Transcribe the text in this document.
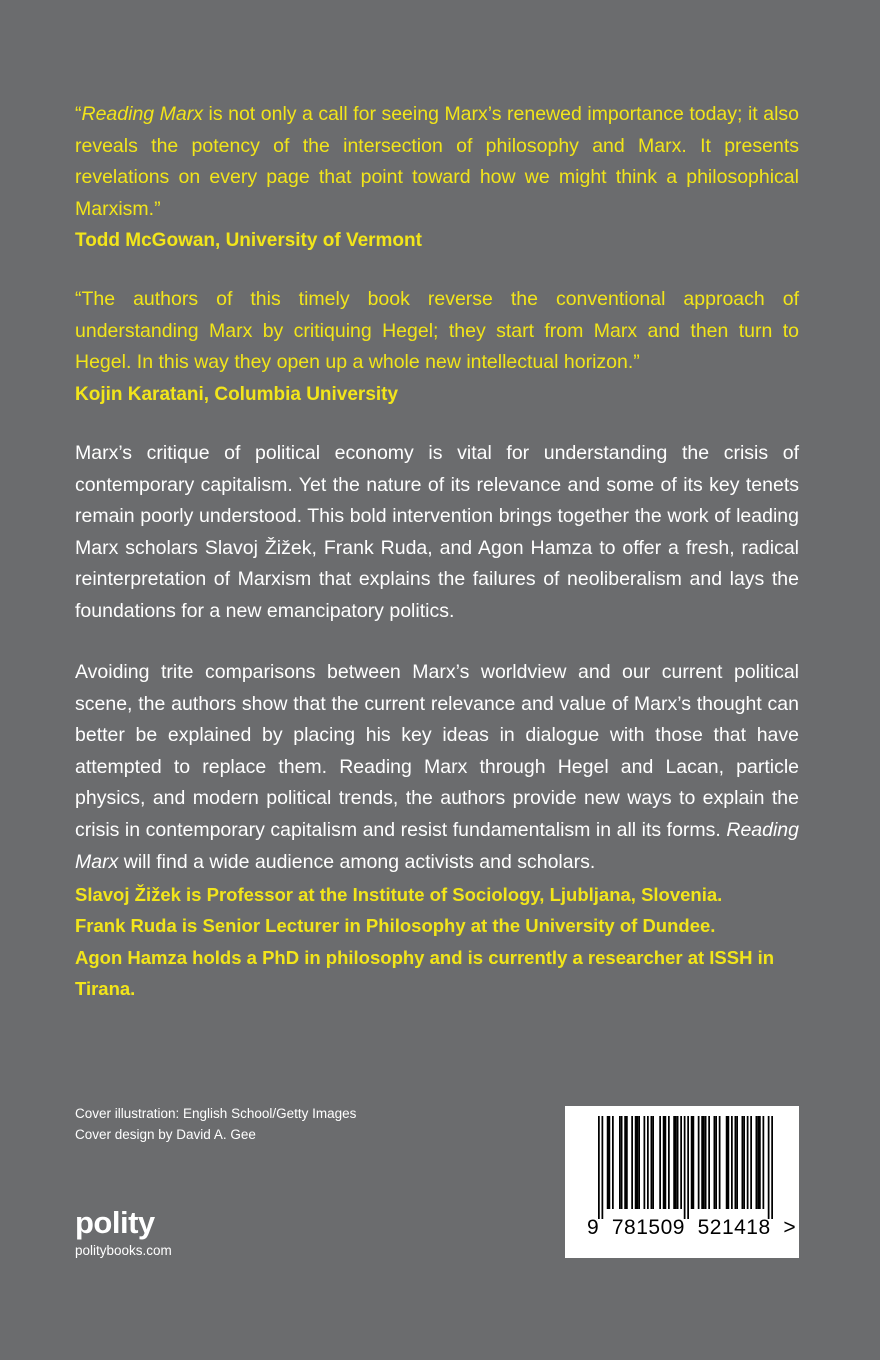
“Reading Marx is not only a call for seeing Marx’s renewed importance today; it also reveals the potency of the intersection of philosophy and Marx. It presents revelations on every page that point toward how we might think a philosophical Marxism.”

Todd McGowan, University of Vermont

“The authors of this timely book reverse the conventional approach of understanding Marx by critiquing Hegel; they start from Marx and then turn to Hegel. In this way they open up a whole new intellectual horizon.”

Kojin Karatani, Columbia University

Marx’s critique of political economy is vital for understanding the crisis of contemporary capitalism. Yet the nature of its relevance and some of its key tenets remain poorly understood. This bold intervention brings together the work of leading Marx scholars Slavoj Žižek, Frank Ruda, and Agon Hamza to offer a fresh, radical reinterpretation of Marxism that explains the failures of neoliberalism and lays the foundations for a new emancipatory politics.

Avoiding trite comparisons between Marx’s worldview and our current political scene, the authors show that the current relevance and value of Marx’s thought can better be explained by placing his key ideas in dialogue with those that have attempted to replace them. Reading Marx through Hegel and Lacan, particle physics, and modern political trends, the authors provide new ways to explain the crisis in contemporary capitalism and resist fundamentalism in all its forms. Reading Marx will find a wide audience among activists and scholars.

Slavoj Žižek is Professor at the Institute of Sociology, Ljubljana, Slovenia.

Frank Ruda is Senior Lecturer in Philosophy at the University of Dundee.

Agon Hamza holds a PhD in philosophy and is currently a researcher at ISSH in Tirana.

Cover illustration: English School/Getty Images
Cover design by David A. Gee
polity
politybooks.com
9  781509  521418  >
